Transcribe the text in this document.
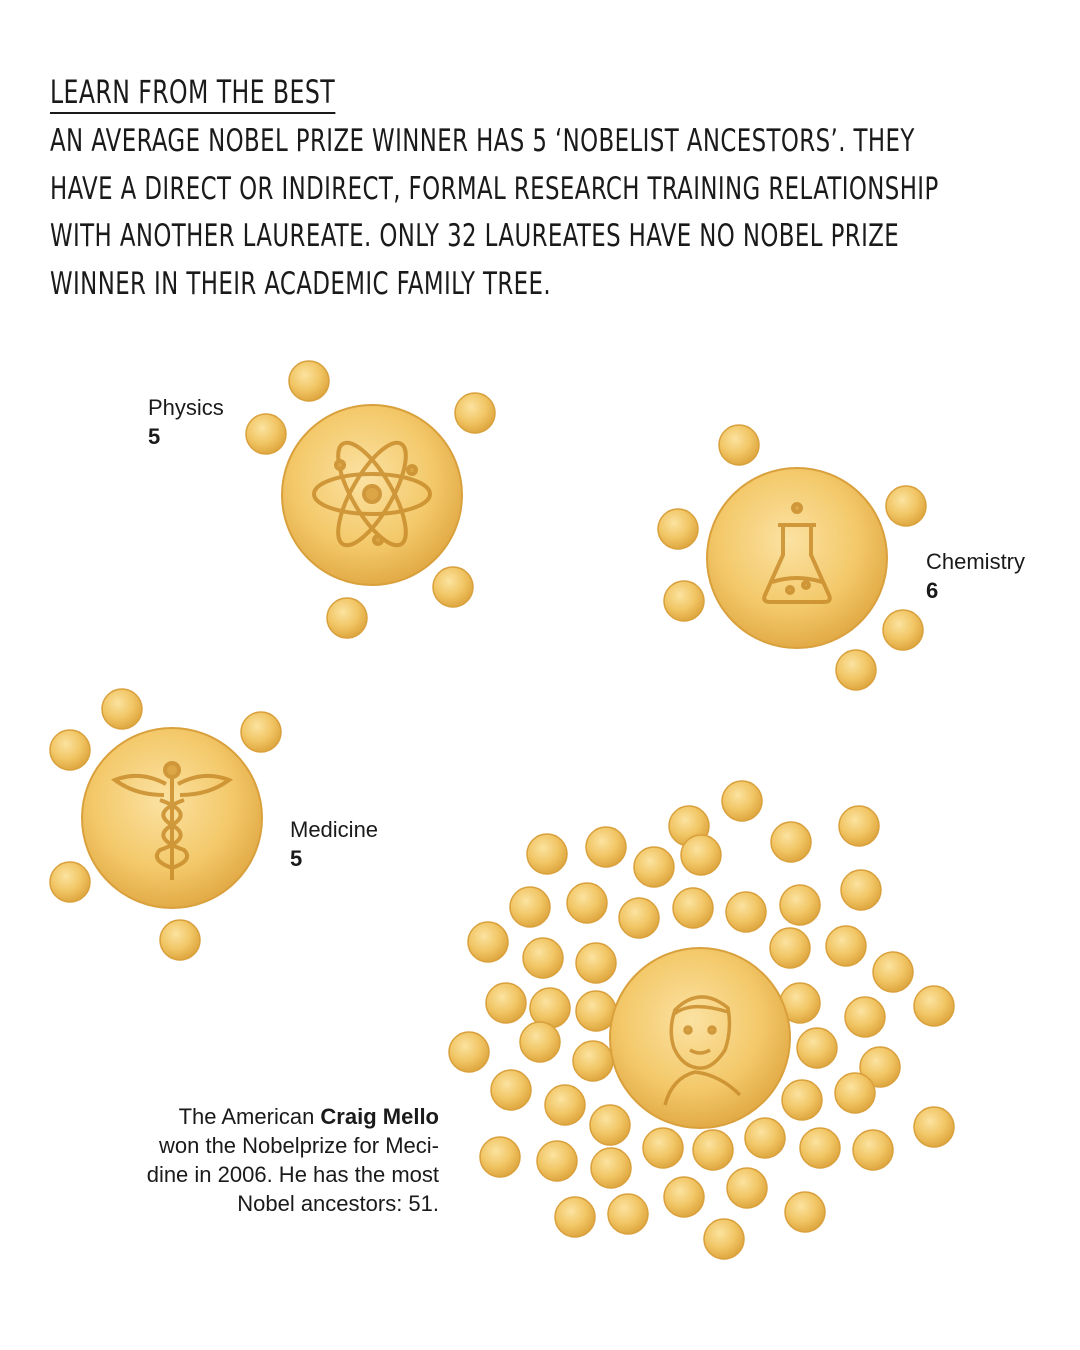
LEARN FROM THE BEST
AN AVERAGE NOBEL PRIZE WINNER HAS 5 ‘NOBELIST ANCESTORS’. THEY
HAVE A DIRECT OR INDIRECT, FORMAL RESEARCH TRAINING RELATIONSHIP
WITH ANOTHER LAUREATE. ONLY 32 LAUREATES HAVE NO NOBEL PRIZE
WINNER IN THEIR ACADEMIC FAMILY TREE.
Physics
5
Chemistry
6
Medicine
5
The American Craig Mello
won the Nobelprize for Meci-
dine in 2006. He has the most
Nobel ancestors: 51.
